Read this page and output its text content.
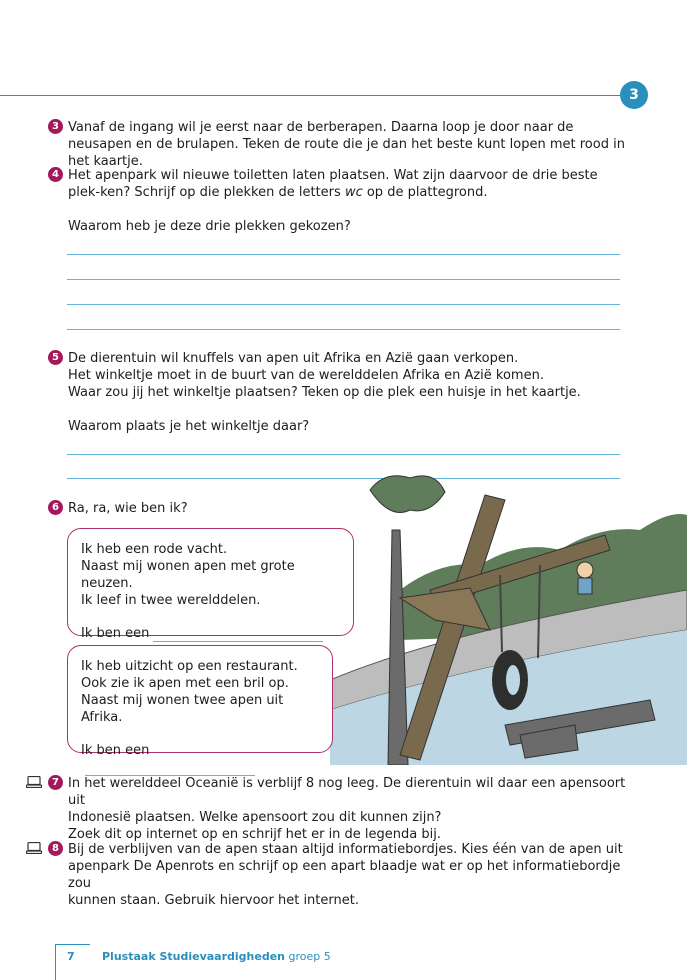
3
3 Vanaf de ingang wil je eerst naar de berberapen. Daarna loop je door naar de neusapen en de brulapen. Teken de route die je dan het beste kunt lopen met rood in het kaartje.
4 Het apenpark wil nieuwe toiletten laten plaatsen. Wat zijn daarvoor de drie beste plek-ken? Schrijf op die plekken de letters wc op de plattegrond.
Waarom heb je deze drie plekken gekozen?
5 De dierentuin wil knuffels van apen uit Afrika en Azië gaan verkopen.
Het winkeltje moet in de buurt van de werelddelen Afrika en Azië komen.
Waar zou jij het winkeltje plaatsen? Teken op die plek een huisje in het kaartje.
Waarom plaats je het winkeltje daar?
6 Ra, ra, wie ben ik?
Ik heb een rode vacht.
Naast mij wonen apen met grote neuzen.
Ik leef in twee werelddelen.
Ik ben een
Ik heb uitzicht op een restaurant.
Ook zie ik apen met een bril op.
Naast mij wonen twee apen uit Afrika.
Ik ben een
7 In het werelddeel Oceanië is verblijf 8 nog leeg. De dierentuin wil daar een apensoort uit
Indonesië plaatsen. Welke apensoort zou dit kunnen zijn?
Zoek dit op internet op en schrijf het er in de legenda bij.
8 Bij de verblijven van de apen staan altijd informatiebordjes. Kies één van de apen uit
apenpark De Apenrots en schrijf op een apart blaadje wat er op het informatiebordje zou
kunnen staan. Gebruik hiervoor het internet.
7 Plustaak Studievaardigheden groep 5
